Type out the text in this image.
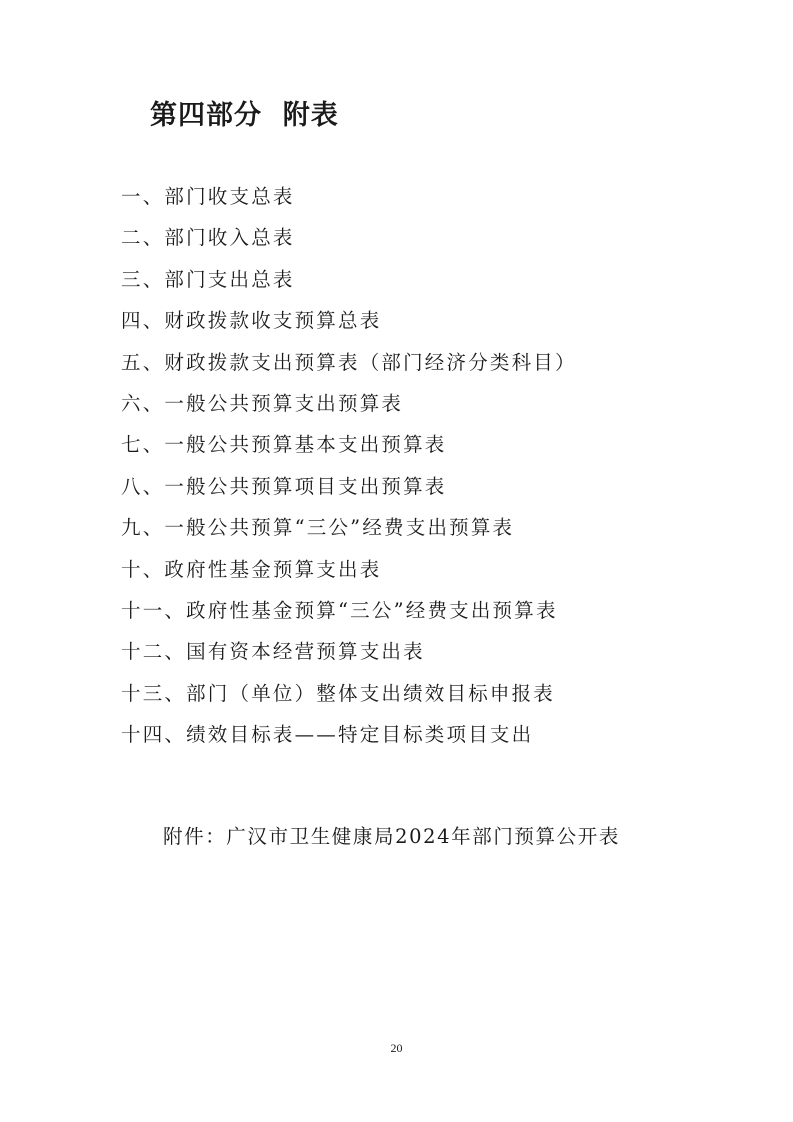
第四部分  附表
一、部门收支总表
二、部门收入总表
三、部门支出总表
四、财政拨款收支预算总表
五、财政拨款支出预算表（部门经济分类科目）
六、一般公共预算支出预算表
七、一般公共预算基本支出预算表
八、一般公共预算项目支出预算表
九、一般公共预算“三公”经费支出预算表
十、政府性基金预算支出表
十一、政府性基金预算“三公”经费支出预算表
十二、国有资本经营预算支出表
十三、部门（单位）整体支出绩效目标申报表
十四、绩效目标表——特定目标类项目支出

附件：广汉市卫生健康局2024年部门预算公开表

20
